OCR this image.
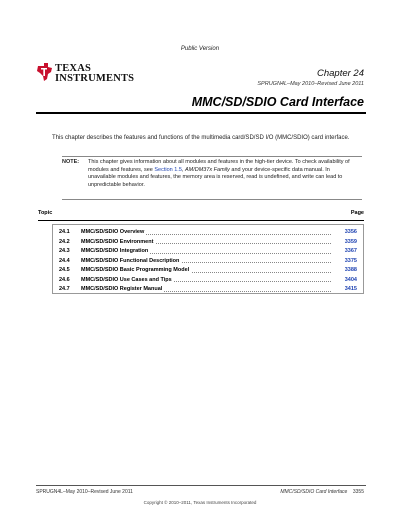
Public Version
TEXAS
INSTRUMENTS	Chapter 24
SPRUGN4L–May 2010–Revised June 2011
MMC/SD/SDIO Card Interface
This chapter describes the features and functions of the multimedia card/SD/SD I/O (MMC/SDIO) card interface.
NOTE: This chapter gives information about all modules and features in the high-tier device. To check availability of modules and features, see Section 1.5, AM/DM37x Family and your device-specific data manual. In unavailable modules and features, the memory area is reserved, read is undefined, and write can lead to unpredictable behavior.
Topic	Page
24.1	MMC/SD/SDIO Overview	3356
24.2	MMC/SD/SDIO Environment	3359
24.3	MMC/SD/SDIO Integration	3367
24.4	MMC/SD/SDIO Functional Description	3375
24.5	MMC/SD/SDIO Basic Programming Model	3388
24.6	MMC/SD/SDIO Use Cases and Tips	3404
24.7	MMC/SD/SDIO Register Manual	3415
SPRUGN4L–May 2010–Revised June 2011	MMC/SD/SDIO Card Interface 3355
Copyright © 2010–2011, Texas Instruments Incorporated
